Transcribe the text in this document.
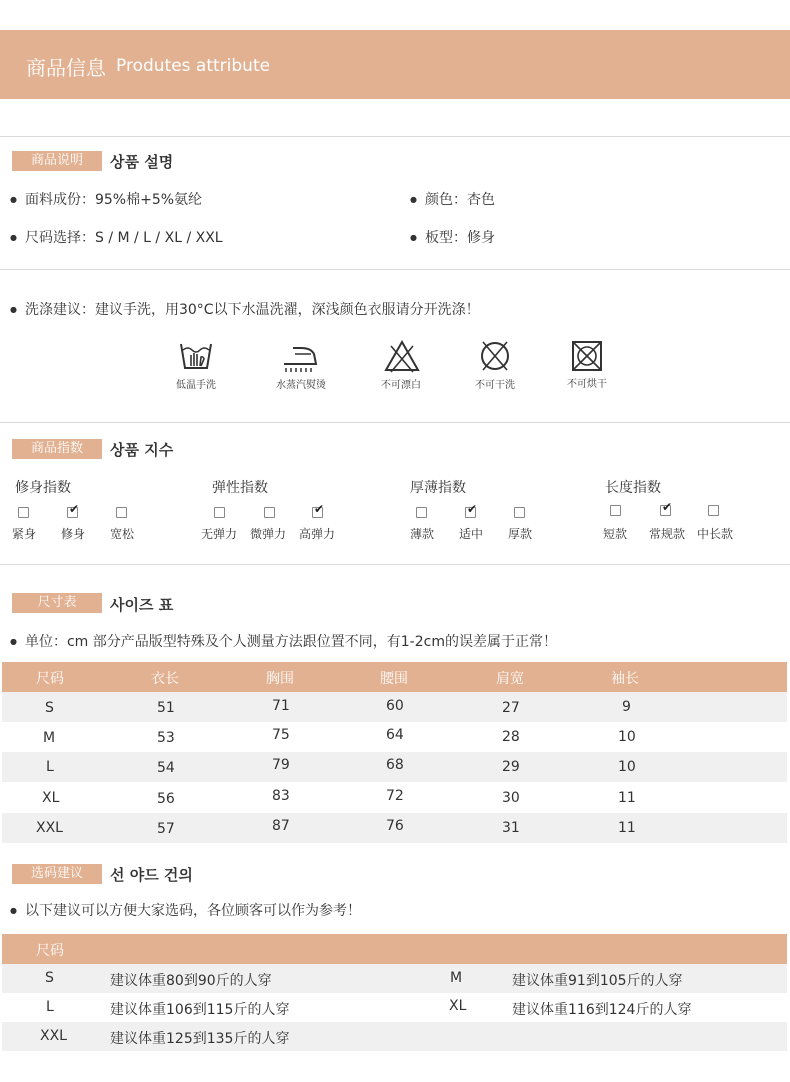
商品信息 Produtes attribute
商品说明	상품 설명
● 面料成份：95%棉+5%氨纶	● 颜色：杏色
● 尺码选择：S / M / L / XL / XXL	● 板型：修身
● 洗涤建议：建议手洗，用30°C以下水温洗濯，深浅颜色衣服请分开洗涤！
低温手洗	水蒸汽熨烫	不可漂白	不可干洗	不可烘干
商品指数	상품 지수
修身指数
✔
紧身 修身 宽松
弹性指数
✔
无弹力 微弹力 高弹力
厚薄指数
✔
薄款 适中 厚款
长度指数
✔
短款 常规款 中长款
尺寸表	사이즈 표
● 单位：cm 部分产品版型特殊及个人测量方法跟位置不同，有1-2cm的误差属于正常！
尺码	衣长	胸围	腰围	肩宽	袖长
S	51	71	60	27	9
M	53	75	64	28	10
L	54	79	68	29	10
XL	56	83	72	30	11
XXL	57	87	76	31	11
选码建议	선 야드 건의
● 以下建议可以方便大家选码，各位顾客可以作为参考！
尺码
S	建议体重80到90斤的人穿	M	建议体重91到105斤的人穿
L	建议体重106到115斤的人穿	XL	建议体重116到124斤的人穿
XXL	建议体重125到135斤的人穿
